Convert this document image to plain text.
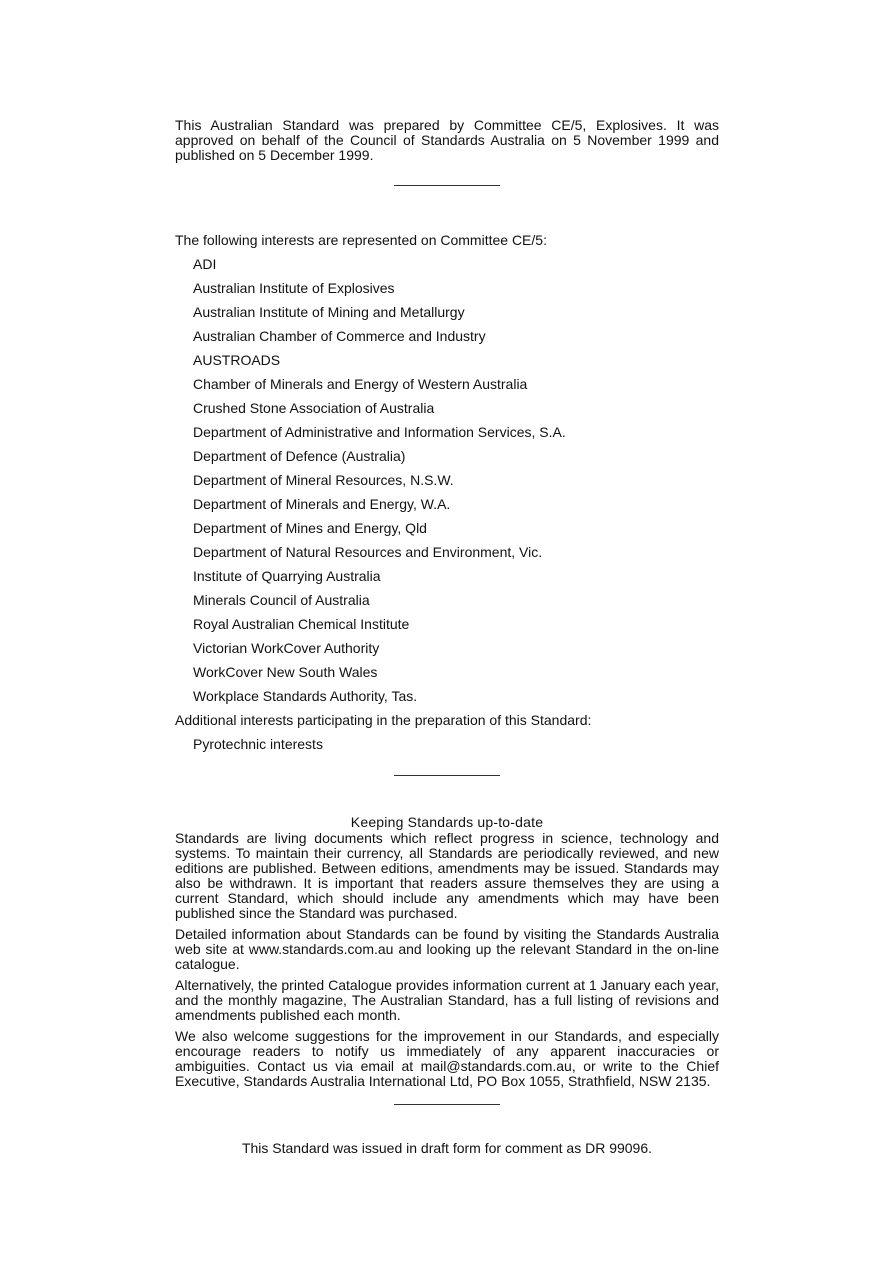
This Australian Standard was prepared by Committee CE/5, Explosives. It was approved on behalf of the Council of Standards Australia on 5 November 1999 and published on 5 December 1999.

The following interests are represented on Committee CE/5:

ADI
Australian Institute of Explosives
Australian Institute of Mining and Metallurgy
Australian Chamber of Commerce and Industry
AUSTROADS
Chamber of Minerals and Energy of Western Australia
Crushed Stone Association of Australia
Department of Administrative and Information Services, S.A.
Department of Defence (Australia)
Department of Mineral Resources, N.S.W.
Department of Minerals and Energy, W.A.
Department of Mines and Energy, Qld
Department of Natural Resources and Environment, Vic.
Institute of Quarrying Australia
Minerals Council of Australia
Royal Australian Chemical Institute
Victorian WorkCover Authority
WorkCover New South Wales
Workplace Standards Authority, Tas.

Additional interests participating in the preparation of this Standard:

Pyrotechnic interests

Keeping Standards up-to-date

Standards are living documents which reflect progress in science, technology and systems. To maintain their currency, all Standards are periodically reviewed, and new editions are published. Between editions, amendments may be issued. Standards may also be withdrawn. It is important that readers assure themselves they are using a current Standard, which should include any amendments which may have been published since the Standard was purchased.

Detailed information about Standards can be found by visiting the Standards Australia web site at www.standards.com.au and looking up the relevant Standard in the on-line catalogue.

Alternatively, the printed Catalogue provides information current at 1 January each year, and the monthly magazine, The Australian Standard, has a full listing of revisions and amendments published each month.

We also welcome suggestions for the improvement in our Standards, and especially encourage readers to notify us immediately of any apparent inaccuracies or ambiguities. Contact us via email at mail@standards.com.au, or write to the Chief Executive, Standards Australia International Ltd, PO Box 1055, Strathfield, NSW 2135.

This Standard was issued in draft form for comment as DR 99096.
